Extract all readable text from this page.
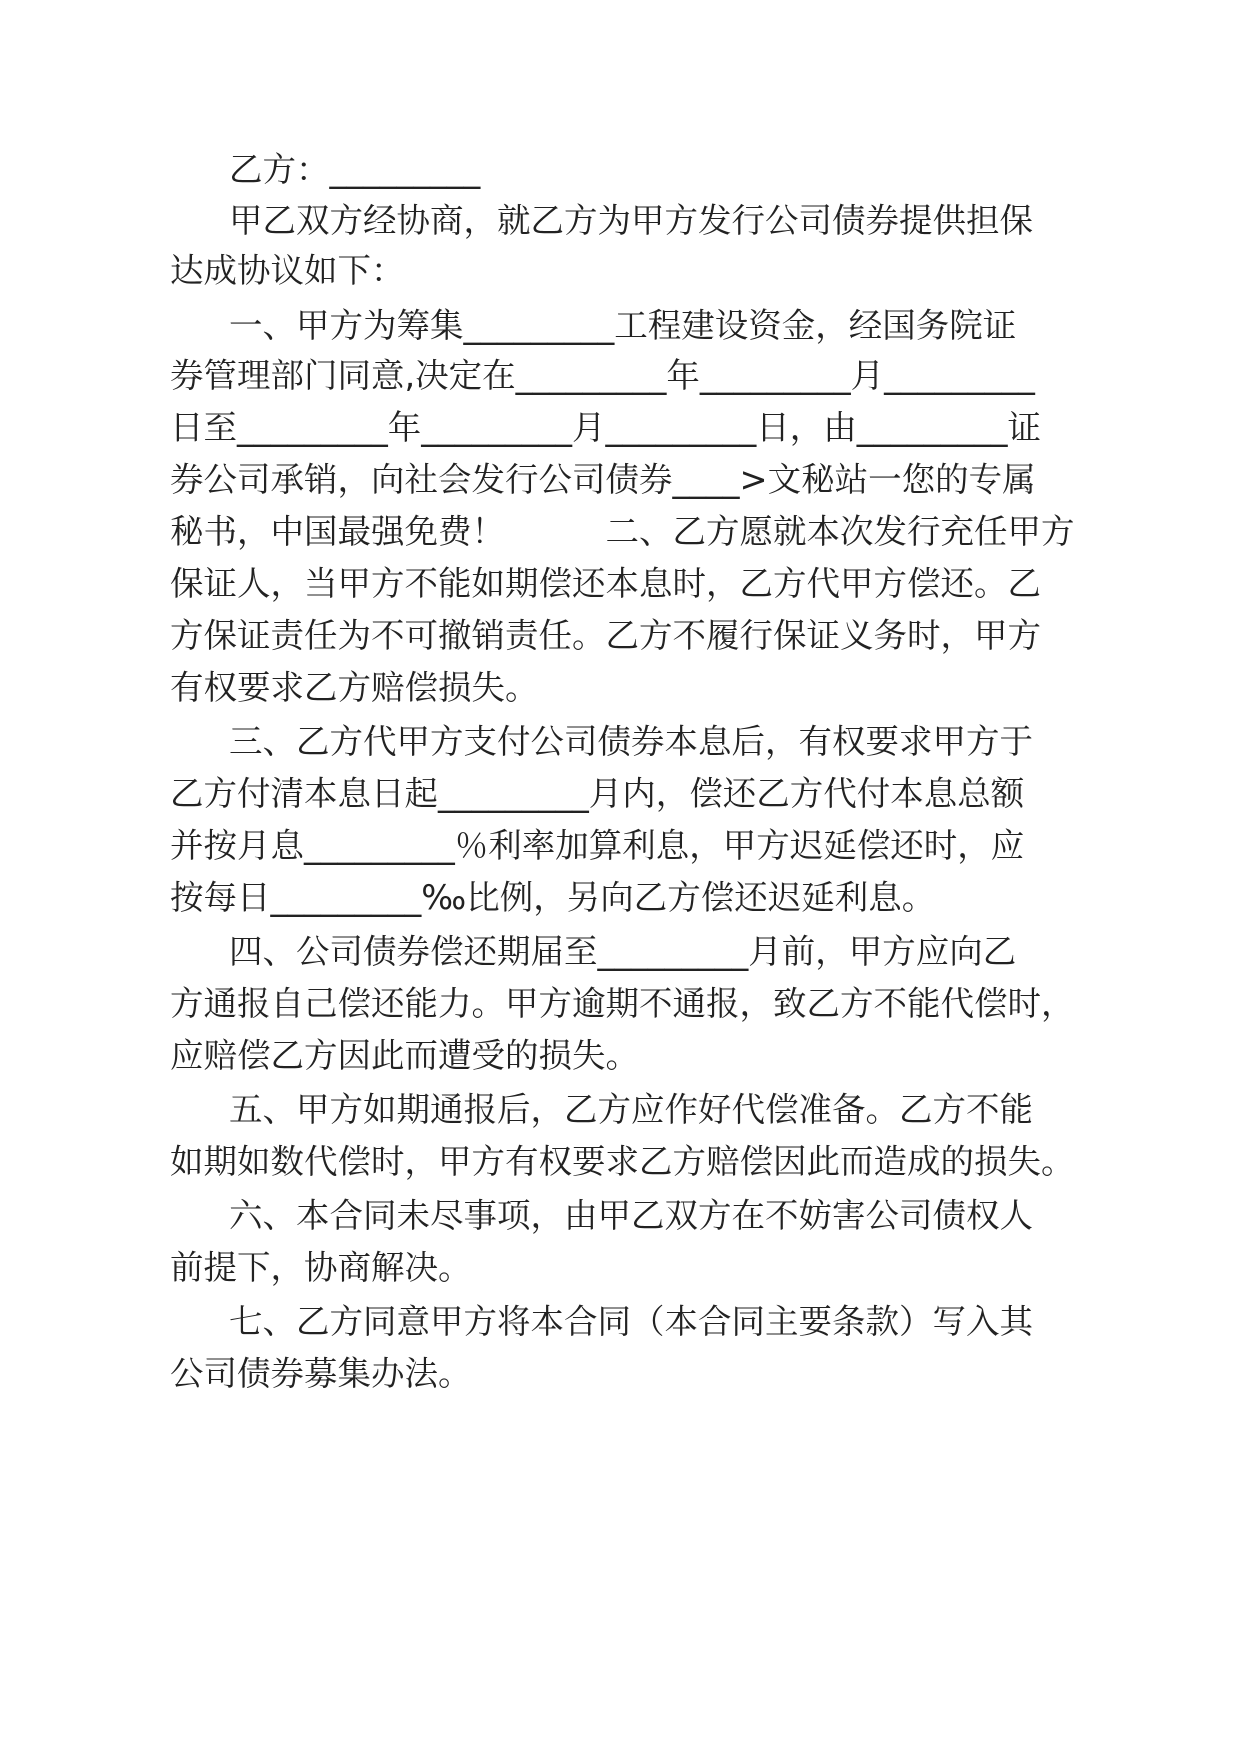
乙方：_________

甲乙双方经协商，就乙方为甲方发行公司债券提供担保

达成协议如下：

一、甲方为筹集_________工程建设资金，经国务院证

券管理部门同意,决定在_________年_________月_________

日至_________年_________月_________日，由_________证

券公司承销，向社会发行公司债券____>文秘站一您的专属

秘书，中国最强免费！　　　二、乙方愿就本次发行充任甲方

保证人，当甲方不能如期偿还本息时，乙方代甲方偿还。乙

方保证责任为不可撤销责任。乙方不履行保证义务时，甲方

有权要求乙方赔偿损失。

三、乙方代甲方支付公司债券本息后，有权要求甲方于

乙方付清本息日起_________月内，偿还乙方代付本息总额

并按月息_________％利率加算利息，甲方迟延偿还时，应

按每日_________‰比例，另向乙方偿还迟延利息。

四、公司债券偿还期届至_________月前，甲方应向乙

方通报自己偿还能力。甲方逾期不通报，致乙方不能代偿时，

应赔偿乙方因此而遭受的损失。

五、甲方如期通报后，乙方应作好代偿准备。乙方不能

如期如数代偿时，甲方有权要求乙方赔偿因此而造成的损失。

六、本合同未尽事项，由甲乙双方在不妨害公司债权人

前提下，协商解决。

七、乙方同意甲方将本合同（本合同主要条款）写入其

公司债券募集办法。
